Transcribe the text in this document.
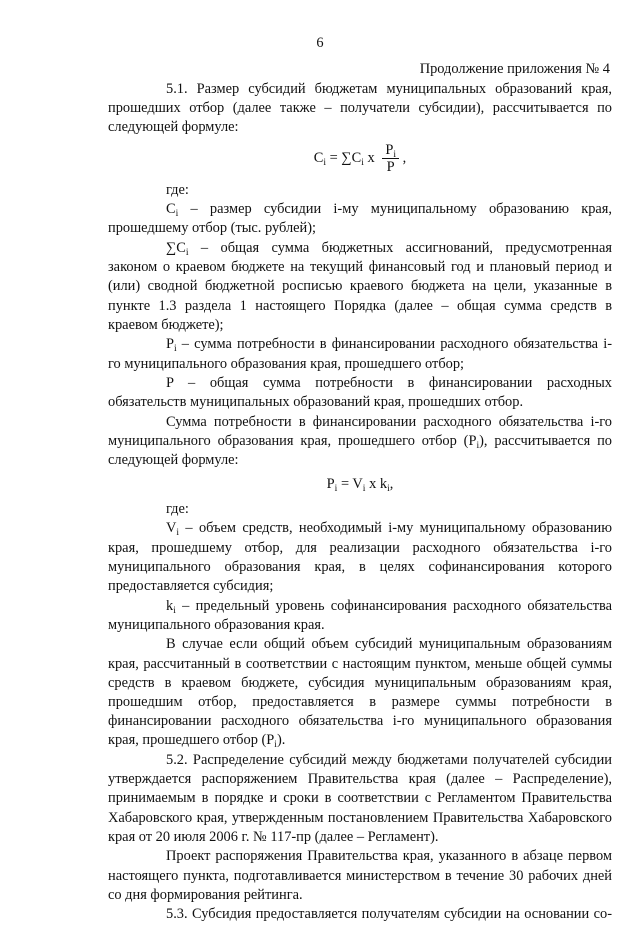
6
Продолжение приложения № 4

5.1. Размер субсидий бюджетам муниципальных образований края, прошедших отбор (далее также – получатели субсидии), рассчитывается по следующей формуле:

$C_i = \sum C_i$ x $\frac{P_i}{P}$ ,

где:

$C_i$ – размер субсидии i-му муниципальному образованию края, прошедшему отбор (тыс. рублей);

$\sum C_i$ – общая сумма бюджетных ассигнований, предусмотренная законом о краевом бюджете на текущий финансовый год и плановый период и (или) сводной бюджетной росписью краевого бюджета на цели, указанные в пункте 1.3 раздела 1 настоящего Порядка (далее – общая сумма средств в краевом бюджете);

$P_i$ – сумма потребности в финансировании расходного обязательства i-го муниципального образования края, прошедшего отбор;

P – общая сумма потребности в финансировании расходных обязательств муниципальных образований края, прошедших отбор.

Сумма потребности в финансировании расходного обязательства i-го муниципального образования края, прошедшего отбор $(P_i)$, рассчитывается по следующей формуле:

$P_i = V_i$ x $k_i$,

где:

$V_i$ – объем средств, необходимый i-му муниципальному образованию края, прошедшему отбор, для реализации расходного обязательства i-го муниципального образования края, в целях софинансирования которого предоставляется субсидия;

$k_i$ – предельный уровень софинансирования расходного обязательства муниципального образования края.

В случае если общий объем субсидий муниципальным образованиям края, рассчитанный в соответствии с настоящим пунктом, меньше общей суммы средств в краевом бюджете, субсидия муниципальным образованиям края, прошедшим отбор, предоставляется в размере суммы потребности в финансировании расходного обязательства i-го муниципального образования края, прошедшего отбор $(P_i)$.

5.2. Распределение субсидий между бюджетами получателей субсидии утверждается распоряжением Правительства края (далее – Распределение), принимаемым в порядке и сроки в соответствии с Регламентом Правительства Хабаровского края, утвержденным постановлением Правительства Хабаровского края от 20 июля 2006 г. № 117-пр (далее – Регламент).

Проект распоряжения Правительства края, указанного в абзаце первом настоящего пункта, подготавливается министерством в течение 30 рабочих дней со дня формирования рейтинга.

5.3. Субсидия предоставляется получателям субсидии на основании со-
